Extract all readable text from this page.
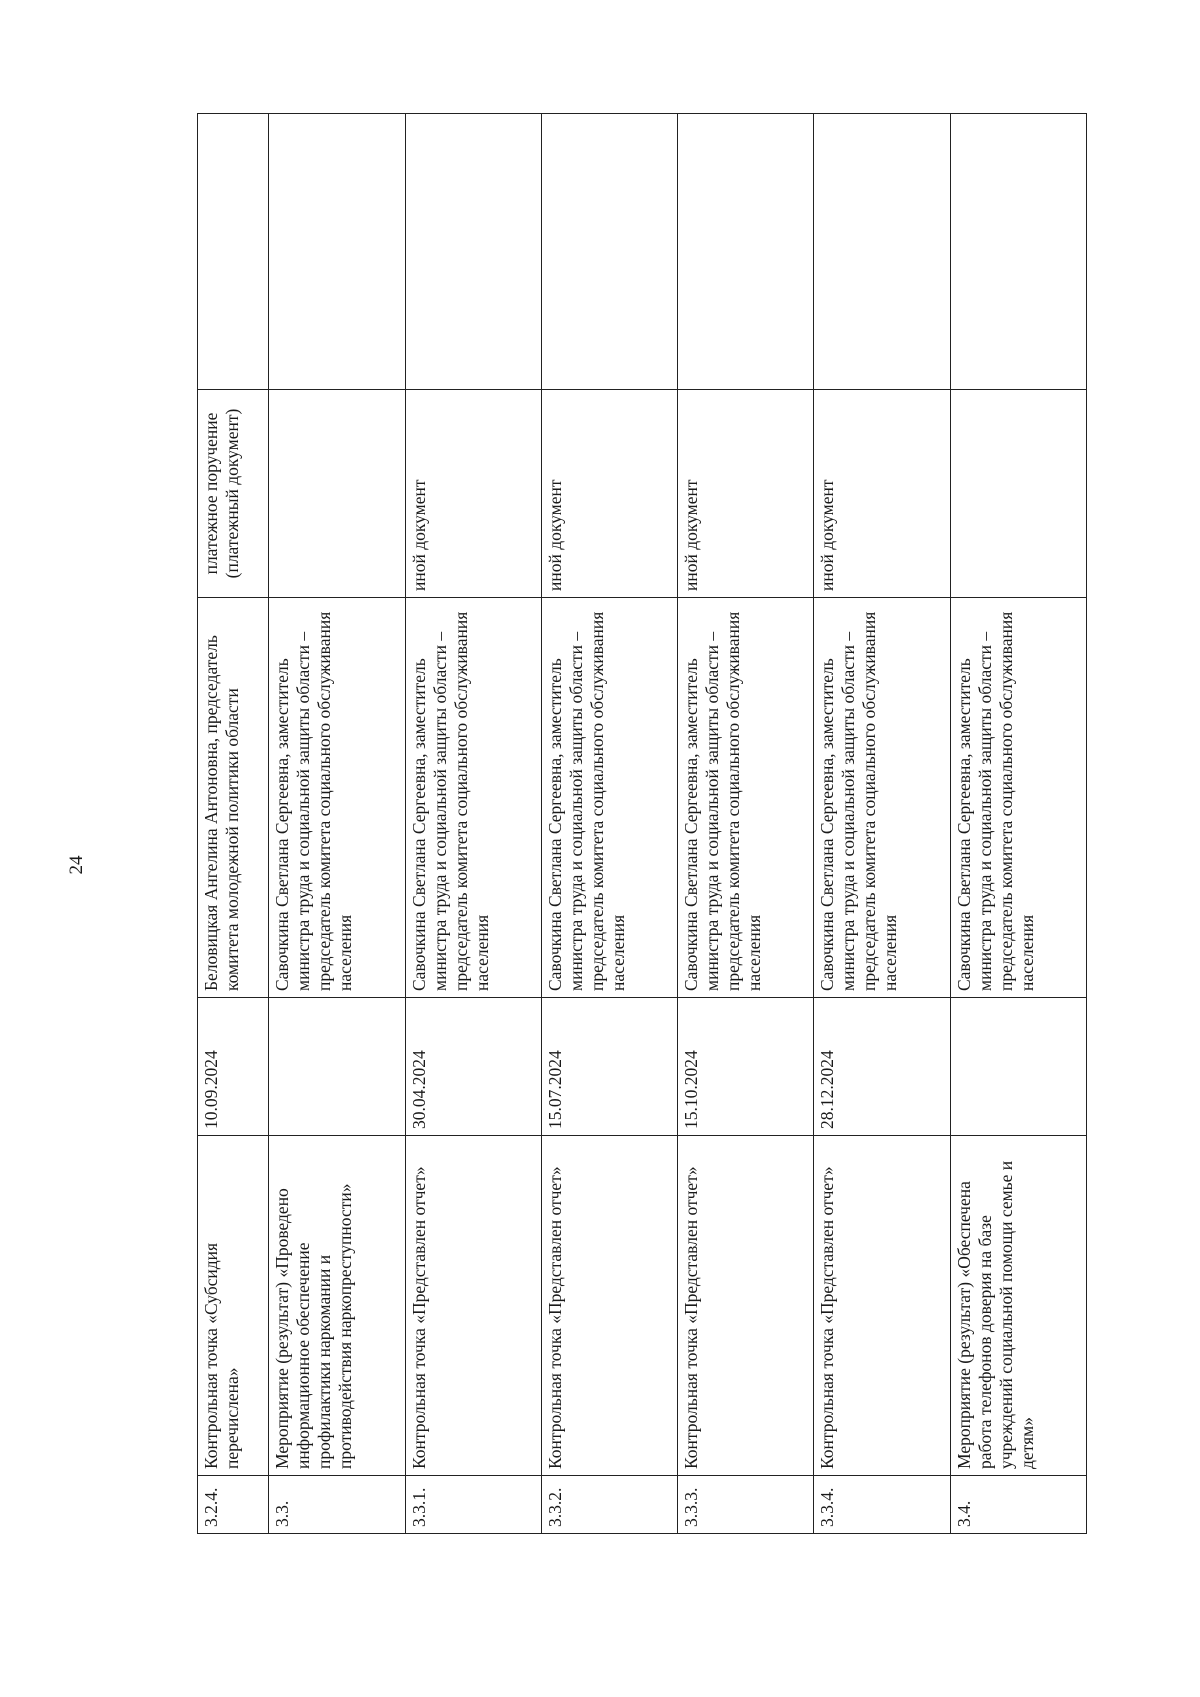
24
3.2.4.	Контрольная точка «Субсидия перечислена»	10.09.2024	Беловицкая Ангелина Антоновна, председатель комитета молодежной политики области	платежное поручение (платежный документ)	
3.3.	Мероприятие (результат) «Проведено информационное обеспечение профилактики наркомании и противодействия наркопреступности»		Савочкина Светлана Сергеевна, заместитель министра труда и социальной защиты области – председатель комитета социального обслуживания населения		
3.3.1.	Контрольная точка «Представлен отчет»	30.04.2024	Савочкина Светлана Сергеевна, заместитель министра труда и социальной защиты области – председатель комитета социального обслуживания населения	иной документ	
3.3.2.	Контрольная точка «Представлен отчет»	15.07.2024	Савочкина Светлана Сергеевна, заместитель министра труда и социальной защиты области – председатель комитета социального обслуживания населения	иной документ	
3.3.3.	Контрольная точка «Представлен отчет»	15.10.2024	Савочкина Светлана Сергеевна, заместитель министра труда и социальной защиты области – председатель комитета социального обслуживания населения	иной документ	
3.3.4.	Контрольная точка «Представлен отчет»	28.12.2024	Савочкина Светлана Сергеевна, заместитель министра труда и социальной защиты области – председатель комитета социального обслуживания населения	иной документ	
3.4.	Мероприятие (результат) «Обеспечена работа телефонов доверия на базе учреждений социальной помощи семье и детям»		Савочкина Светлана Сергеевна, заместитель министра труда и социальной защиты области – председатель комитета социального обслуживания населения		
